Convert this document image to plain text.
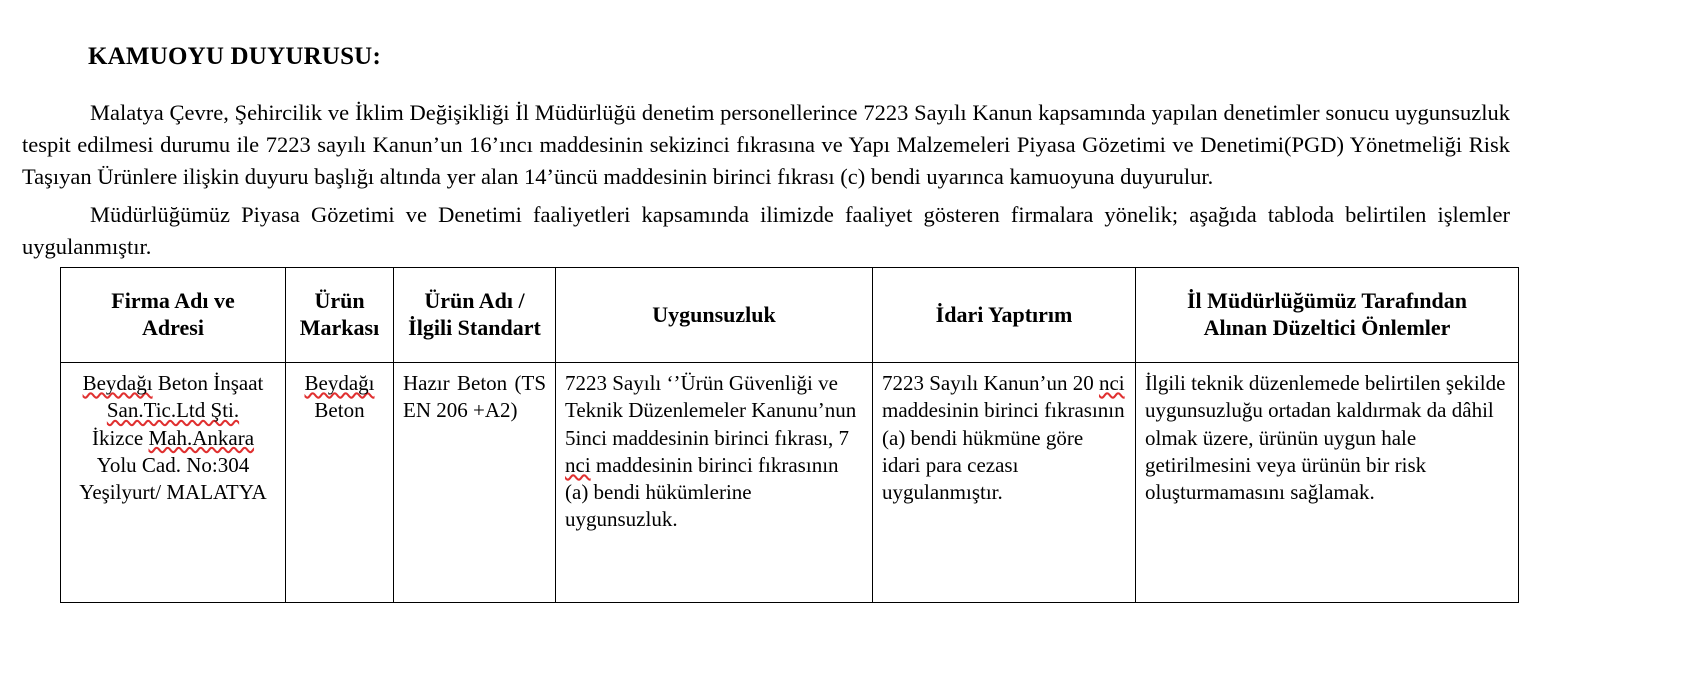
KAMUOYU DUYURUSU:
Malatya Çevre, Şehircilik ve İklim Değişikliği İl Müdürlüğü denetim personellerince 7223 Sayılı Kanun kapsamında yapılan denetimler sonucu uygunsuzluk tespit edilmesi durumu ile 7223 sayılı Kanun’un 16’ıncı maddesinin sekizinci fıkrasına ve Yapı Malzemeleri Piyasa Gözetimi ve Denetimi(PGD) Yönetmeliği Risk Taşıyan Ürünlere ilişkin duyuru başlığı altında yer alan 14’üncü maddesinin birinci fıkrası (c) bendi uyarınca kamuoyuna duyurulur.
Müdürlüğümüz Piyasa Gözetimi ve Denetimi faaliyetleri kapsamında ilimizde faaliyet gösteren firmalara yönelik; aşağıda tabloda belirtilen işlemler uygulanmıştır.
Firma Adı ve
Adresi	Ürün
Markası	Ürün Adı /
İlgili Standart	Uygunsuzluk	İdari Yaptırım	İl Müdürlüğümüz Tarafından
Alınan Düzeltici Önlemler

Beydağı Beton İnşaat
San.Tic.Ltd Şti.
İkizce Mah.Ankara
Yolu Cad. No:304
Yeşilyurt/ MALATYA	Beydağı
Beton	Hazır Beton (TS EN 206 +A2)	7223 Sayılı ‘’Ürün Güvenliği ve Teknik Düzenlemeler Kanunu’nun 5inci maddesinin birinci fıkrası, 7 nci maddesinin birinci fıkrasının (a) bendi hükümlerine uygunsuzluk.	7223 Sayılı Kanun’un 20 nci maddesinin birinci fıkrasının (a) bendi hükmüne göre idari para cezası uygulanmıştır.	İlgili teknik düzenlemede belirtilen şekilde uygunsuzluğu ortadan kaldırmak da dâhil olmak üzere, ürünün uygun hale getirilmesini veya ürünün bir risk oluşturmamasını sağlamak.
